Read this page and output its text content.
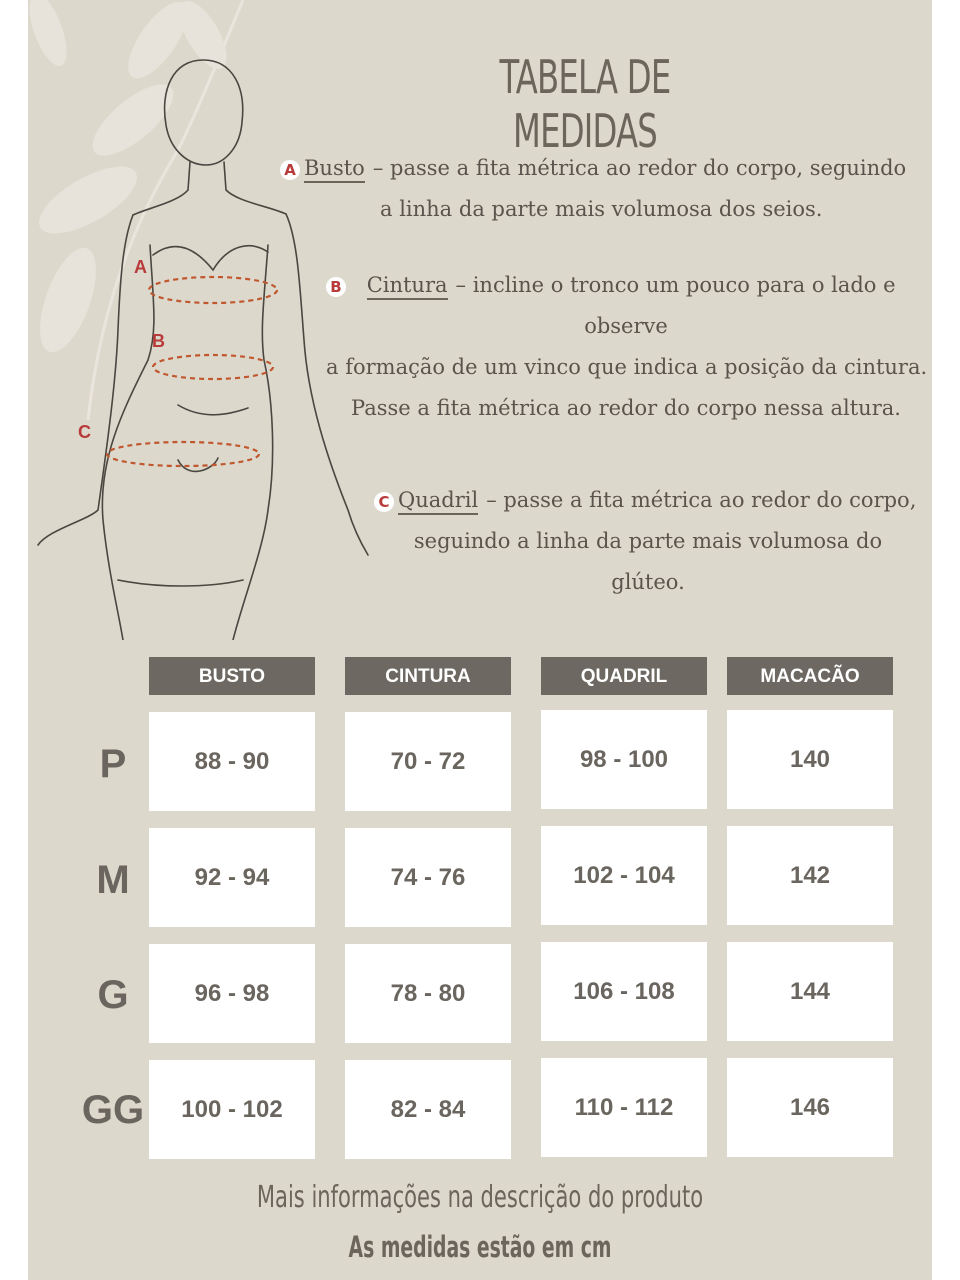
A
B
C
TABELA DE MEDIDAS
A Busto – passe a fita métrica ao redor do corpo, seguindo
a linha da parte mais volumosa dos seios.
B Cintura – incline o tronco um pouco para o lado e
observe
a formação de um vinco que indica a posição da cintura.
Passe a fita métrica ao redor do corpo nessa altura.
C Quadril – passe a fita métrica ao redor do corpo,
seguindo a linha da parte mais volumosa do
glúteo.
BUSTO	CINTURA	QUADRIL	MACACÃO
P	88 - 90	70 - 72	98 - 100	140
M	92 - 94	74 - 76	102 - 104	142
G	96 - 98	78 - 80	106 - 108	144
GG	100 - 102	82 - 84	110 - 112	146
Mais informações na descrição do produto
As medidas estão em cm
